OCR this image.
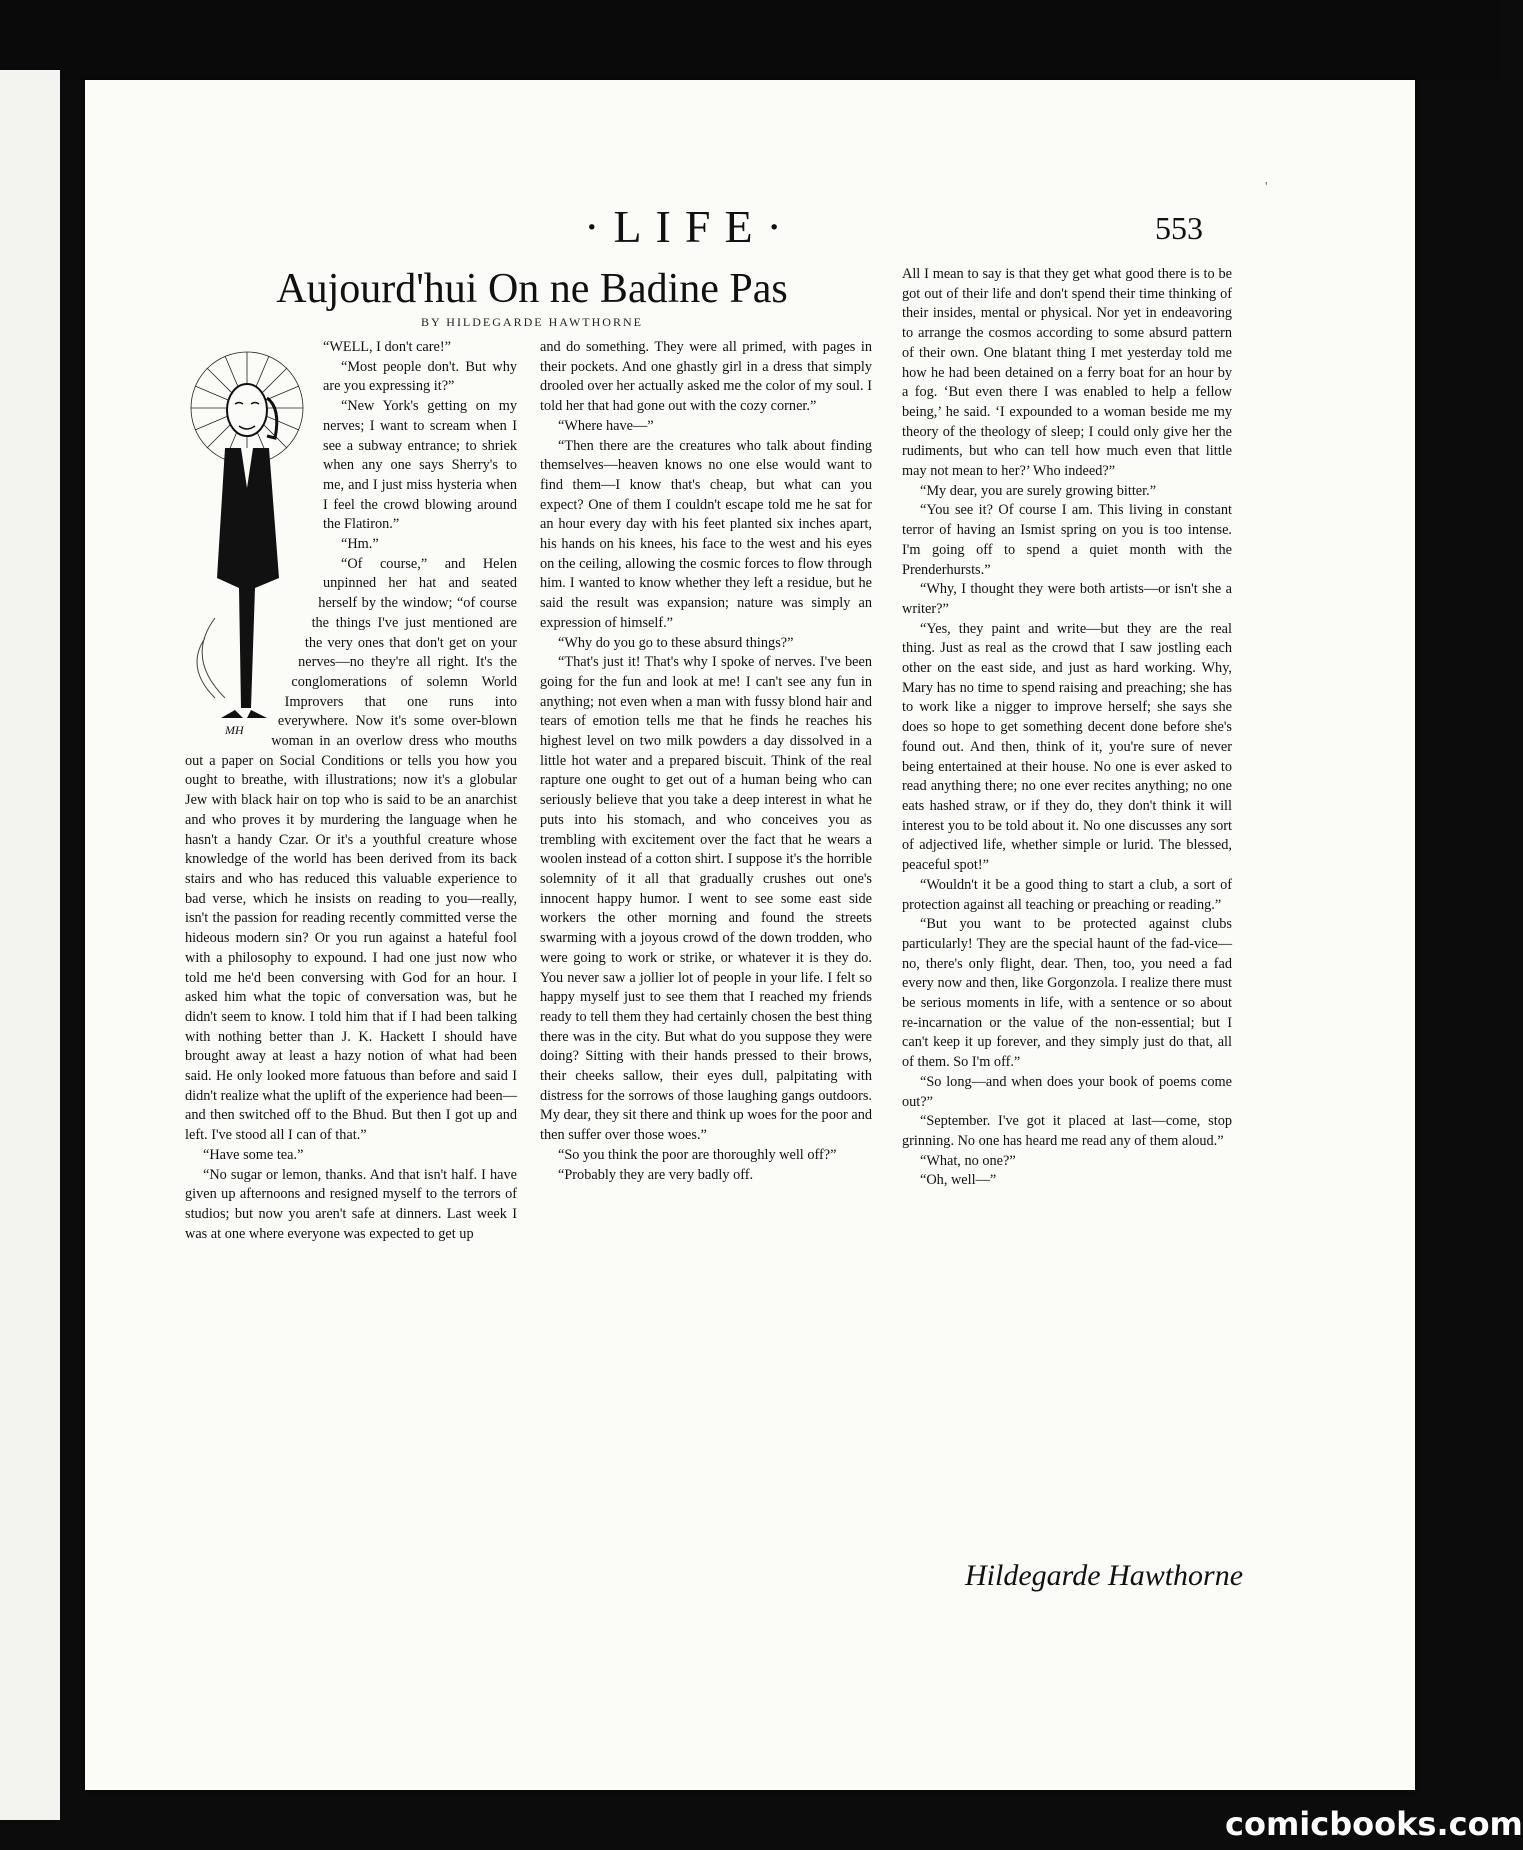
·LIFE·	553
Aujourd'hui On ne Badine Pas
BY HILDEGARDE HAWTHORNE
MH

“WELL, I don't care!”

“Most people don't. But why are you expressing it?”

“New York's getting on my nerves; I want to scream when I see a subway entrance; to shriek when any one says Sherry's to me, and I just miss hysteria when I feel the crowd blowing around the Flatiron.”

“Hm.”

“Of course,” and Helen unpinned her hat and seated herself by the window; “of course the things I've just mentioned are the very ones that don't get on your nerves—no they're all right. It's the conglomerations of solemn World Improvers that one runs into everywhere. Now it's some over-blown woman in an overlow dress who mouths out a paper on Social Conditions or tells you how you ought to breathe, with illustrations; now it's a globular Jew with black hair on top who is said to be an anarchist and who proves it by murdering the language when he hasn't a handy Czar. Or it's a youthful creature whose knowledge of the world has been derived from its back stairs and who has reduced this valuable experience to bad verse, which he insists on reading to you—really, isn't the passion for reading recently committed verse the hideous modern sin? Or you run against a hateful fool with a philosophy to expound. I had one just now who told me he'd been conversing with God for an hour. I asked him what the topic of conversation was, but he didn't seem to know. I told him that if I had been talking with nothing better than J. K. Hackett I should have brought away at least a hazy notion of what had been said. He only looked more fatuous than before and said I didn't realize what the uplift of the experience had been—and then switched off to the Bhud. But then I got up and left. I've stood all I can of that.”

“Have some tea.”

“No sugar or lemon, thanks. And that isn't half. I have given up afternoons and resigned myself to the terrors of studios; but now you aren't safe at dinners. Last week I was at one where everyone was expected to get up

and do something. They were all primed, with pages in their pockets. And one ghastly girl in a dress that simply drooled over her actually asked me the color of my soul. I told her that had gone out with the cozy corner.”

“Where have—”

“Then there are the creatures who talk about finding themselves—heaven knows no one else would want to find them—I know that's cheap, but what can you expect? One of them I couldn't escape told me he sat for an hour every day with his feet planted six inches apart, his hands on his knees, his face to the west and his eyes on the ceiling, allowing the cosmic forces to flow through him. I wanted to know whether they left a residue, but he said the result was expansion; nature was simply an expression of himself.”

“Why do you go to these absurd things?”

“That's just it! That's why I spoke of nerves. I've been going for the fun and look at me! I can't see any fun in anything; not even when a man with fussy blond hair and tears of emotion tells me that he finds he reaches his highest level on two milk powders a day dissolved in a little hot water and a prepared biscuit. Think of the real rapture one ought to get out of a human being who can seriously believe that you take a deep interest in what he puts into his stomach, and who conceives you as trembling with excitement over the fact that he wears a woolen instead of a cotton shirt. I suppose it's the horrible solemnity of it all that gradually crushes out one's innocent happy humor. I went to see some east side workers the other morning and found the streets swarming with a joyous crowd of the down trodden, who were going to work or strike, or whatever it is they do. You never saw a jollier lot of people in your life. I felt so happy myself just to see them that I reached my friends ready to tell them they had certainly chosen the best thing there was in the city. But what do you suppose they were doing? Sitting with their hands pressed to their brows, their cheeks sallow, their eyes dull, palpitating with distress for the sorrows of those laughing gangs outdoors. My dear, they sit there and think up woes for the poor and then suffer over those woes.”

“So you think the poor are thoroughly well off?”

“Probably they are very badly off.

All I mean to say is that they get what good there is to be got out of their life and don't spend their time thinking of their insides, mental or physical. Nor yet in endeavoring to arrange the cosmos according to some absurd pattern of their own. One blatant thing I met yesterday told me how he had been detained on a ferry boat for an hour by a fog. ‘But even there I was enabled to help a fellow being,’ he said. ‘I expounded to a woman beside me my theory of the theology of sleep; I could only give her the rudiments, but who can tell how much even that little may not mean to her?’ Who indeed?”

“My dear, you are surely growing bitter.”

“You see it? Of course I am. This living in constant terror of having an Ismist spring on you is too intense. I'm going off to spend a quiet month with the Prenderhursts.”

“Why, I thought they were both artists—or isn't she a writer?”

“Yes, they paint and write—but they are the real thing. Just as real as the crowd that I saw jostling each other on the east side, and just as hard working. Why, Mary has no time to spend raising and preaching; she has to work like a nigger to improve herself; she says she does so hope to get something decent done before she's found out. And then, think of it, you're sure of never being entertained at their house. No one is ever asked to read anything there; no one ever recites anything; no one eats hashed straw, or if they do, they don't think it will interest you to be told about it. No one discusses any sort of adjectived life, whether simple or lurid. The blessed, peaceful spot!”

“Wouldn't it be a good thing to start a club, a sort of protection against all teaching or preaching or reading.”

“But you want to be protected against clubs particularly! They are the special haunt of the fad-vice—no, there's only flight, dear. Then, too, you need a fad every now and then, like Gorgonzola. I realize there must be serious moments in life, with a sentence or so about re-incarnation or the value of the non-essential; but I can't keep it up forever, and they simply just do that, all of them. So I'm off.”

“So long—and when does your book of poems come out?”

“September. I've got it placed at last—come, stop grinning. No one has heard me read any of them aloud.”

“What, no one?”

“Oh, well—”

Hildegarde Hawthorne
'
comicbooks.com
